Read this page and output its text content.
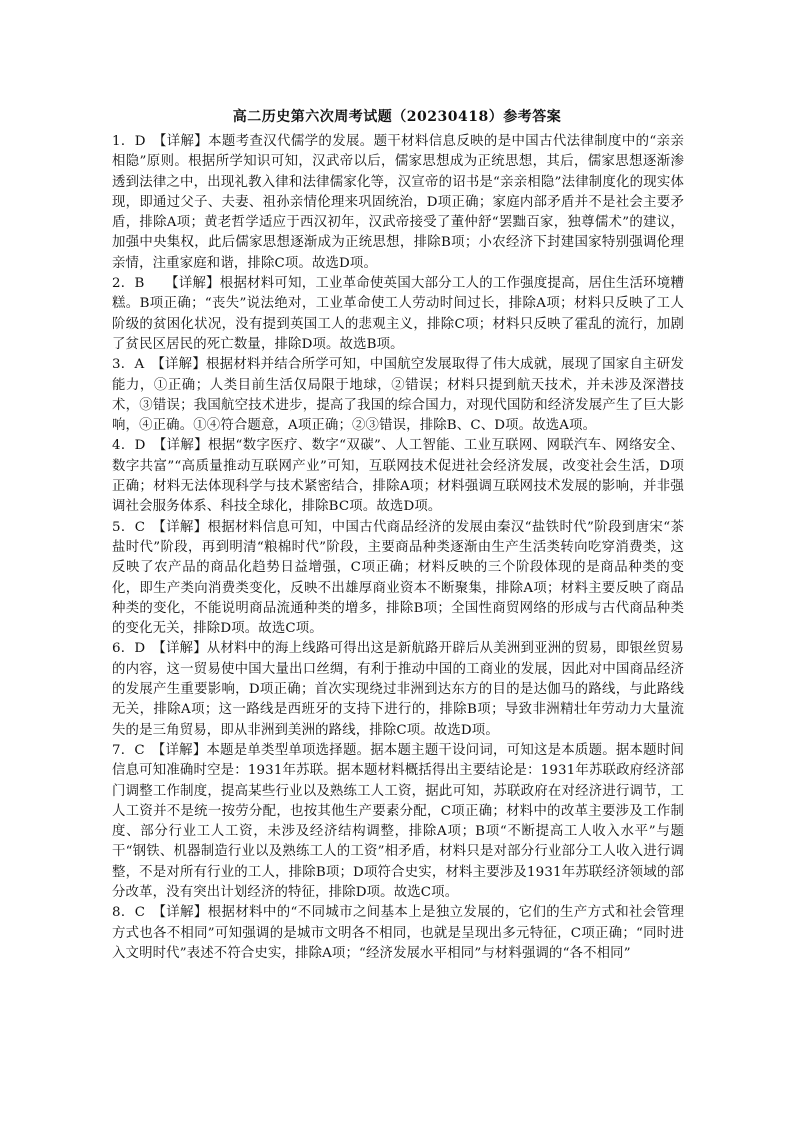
高二历史第六次周考试题（20230418）参考答案

1．D　【详解】本题考查汉代儒学的发展。题干材料信息反映的是中国古代法律制度中的“亲亲相隐”原则。根据所学知识可知，汉武帝以后，儒家思想成为正统思想，其后，儒家思想逐渐渗透到法律之中，出现礼教入律和法律儒家化等，汉宣帝的诏书是“亲亲相隐”法律制度化的现实体现，即通过父子、夫妻、祖孙亲情伦理来巩固统治，D项正确；家庭内部矛盾并不是社会主要矛盾，排除A项；黄老哲学适应于西汉初年，汉武帝接受了董仲舒“罢黜百家，独尊儒术”的建议，加强中央集权，此后儒家思想逐渐成为正统思想，排除B项；小农经济下封建国家特别强调伦理亲情，注重家庭和谐，排除C项。故选D项。

2．B　　【详解】根据材料可知，工业革命使英国大部分工人的工作强度提高，居住生活环境糟糕。B项正确；“丧失”说法绝对，工业革命使工人劳动时间过长，排除A项；材料只反映了工人阶级的贫困化状况，没有提到英国工人的悲观主义，排除C项；材料只反映了霍乱的流行，加剧了贫民区居民的死亡数量，排除D项。故选B项。

3．A　【详解】根据材料并结合所学可知，中国航空发展取得了伟大成就，展现了国家自主研发能力，①正确；人类目前生活仅局限于地球，②错误；材料只提到航天技术，并未涉及深潜技术，③错误；我国航空技术进步，提高了我国的综合国力，对现代国防和经济发展产生了巨大影响，④正确。①④符合题意，A项正确；②③错误，排除B、C、D项。故选A项。

4．D　【详解】根据“数字医疗、数字“双碳”、人工智能、工业互联网、网联汽车、网络安全、数字共富”“高质量推动互联网产业”可知，互联网技术促进社会经济发展，改变社会生活，D项正确；材料无法体现科学与技术紧密结合，排除A项；材料强调互联网技术发展的影响，并非强调社会服务体系、科技全球化，排除BC项。故选D项。

5．C　【详解】根据材料信息可知，中国古代商品经济的发展由秦汉“盐铁时代”阶段到唐宋“茶盐时代”阶段，再到明清“粮棉时代”阶段，主要商品种类逐渐由生产生活类转向吃穿消费类，这反映了农产品的商品化趋势日益增强，C项正确；材料反映的三个阶段体现的是商品种类的变化，即生产类向消费类变化，反映不出雄厚商业资本不断聚集，排除A项；材料主要反映了商品种类的变化，不能说明商品流通种类的增多，排除B项；全国性商贸网络的形成与古代商品种类的变化无关，排除D项。故选C项。

6．D　【详解】从材料中的海上线路可得出这是新航路开辟后从美洲到亚洲的贸易，即银丝贸易的内容，这一贸易使中国大量出口丝绸，有利于推动中国的工商业的发展，因此对中国商品经济的发展产生重要影响，D项正确；首次实现绕过非洲到达东方的目的是达伽马的路线，与此路线无关，排除A项；这一路线是西班牙的支持下进行的，排除B项；导致非洲精壮年劳动力大量流失的是三角贸易，即从非洲到美洲的路线，排除C项。故选D项。

7．C　【详解】本题是单类型单项选择题。据本题主题干设问词，可知这是本质题。据本题时间信息可知准确时空是：1931年苏联。据本题材料概括得出主要结论是：1931年苏联政府经济部门调整工作制度，提高某些行业以及熟练工人工资，据此可知，苏联政府在对经济进行调节，工人工资并不是统一按劳分配，也按其他生产要素分配，C项正确；材料中的改革主要涉及工作制度、部分行业工人工资，未涉及经济结构调整，排除A项；B项“不断提高工人收入水平”与题干“钢铁、机器制造行业以及熟练工人的工资”相矛盾，材料只是对部分行业部分工人收入进行调整，不是对所有行业的工人，排除B项；D项符合史实，材料主要涉及1931年苏联经济领域的部分改革，没有突出计划经济的特征，排除D项。故选C项。

8．C　【详解】根据材料中的“不同城市之间基本上是独立发展的，它们的生产方式和社会管理方式也各不相同”可知强调的是城市文明各不相同，也就是呈现出多元特征，C项正确；“同时进入文明时代”表述不符合史实，排除A项；“经济发展水平相同”与材料强调的“各不相同”
